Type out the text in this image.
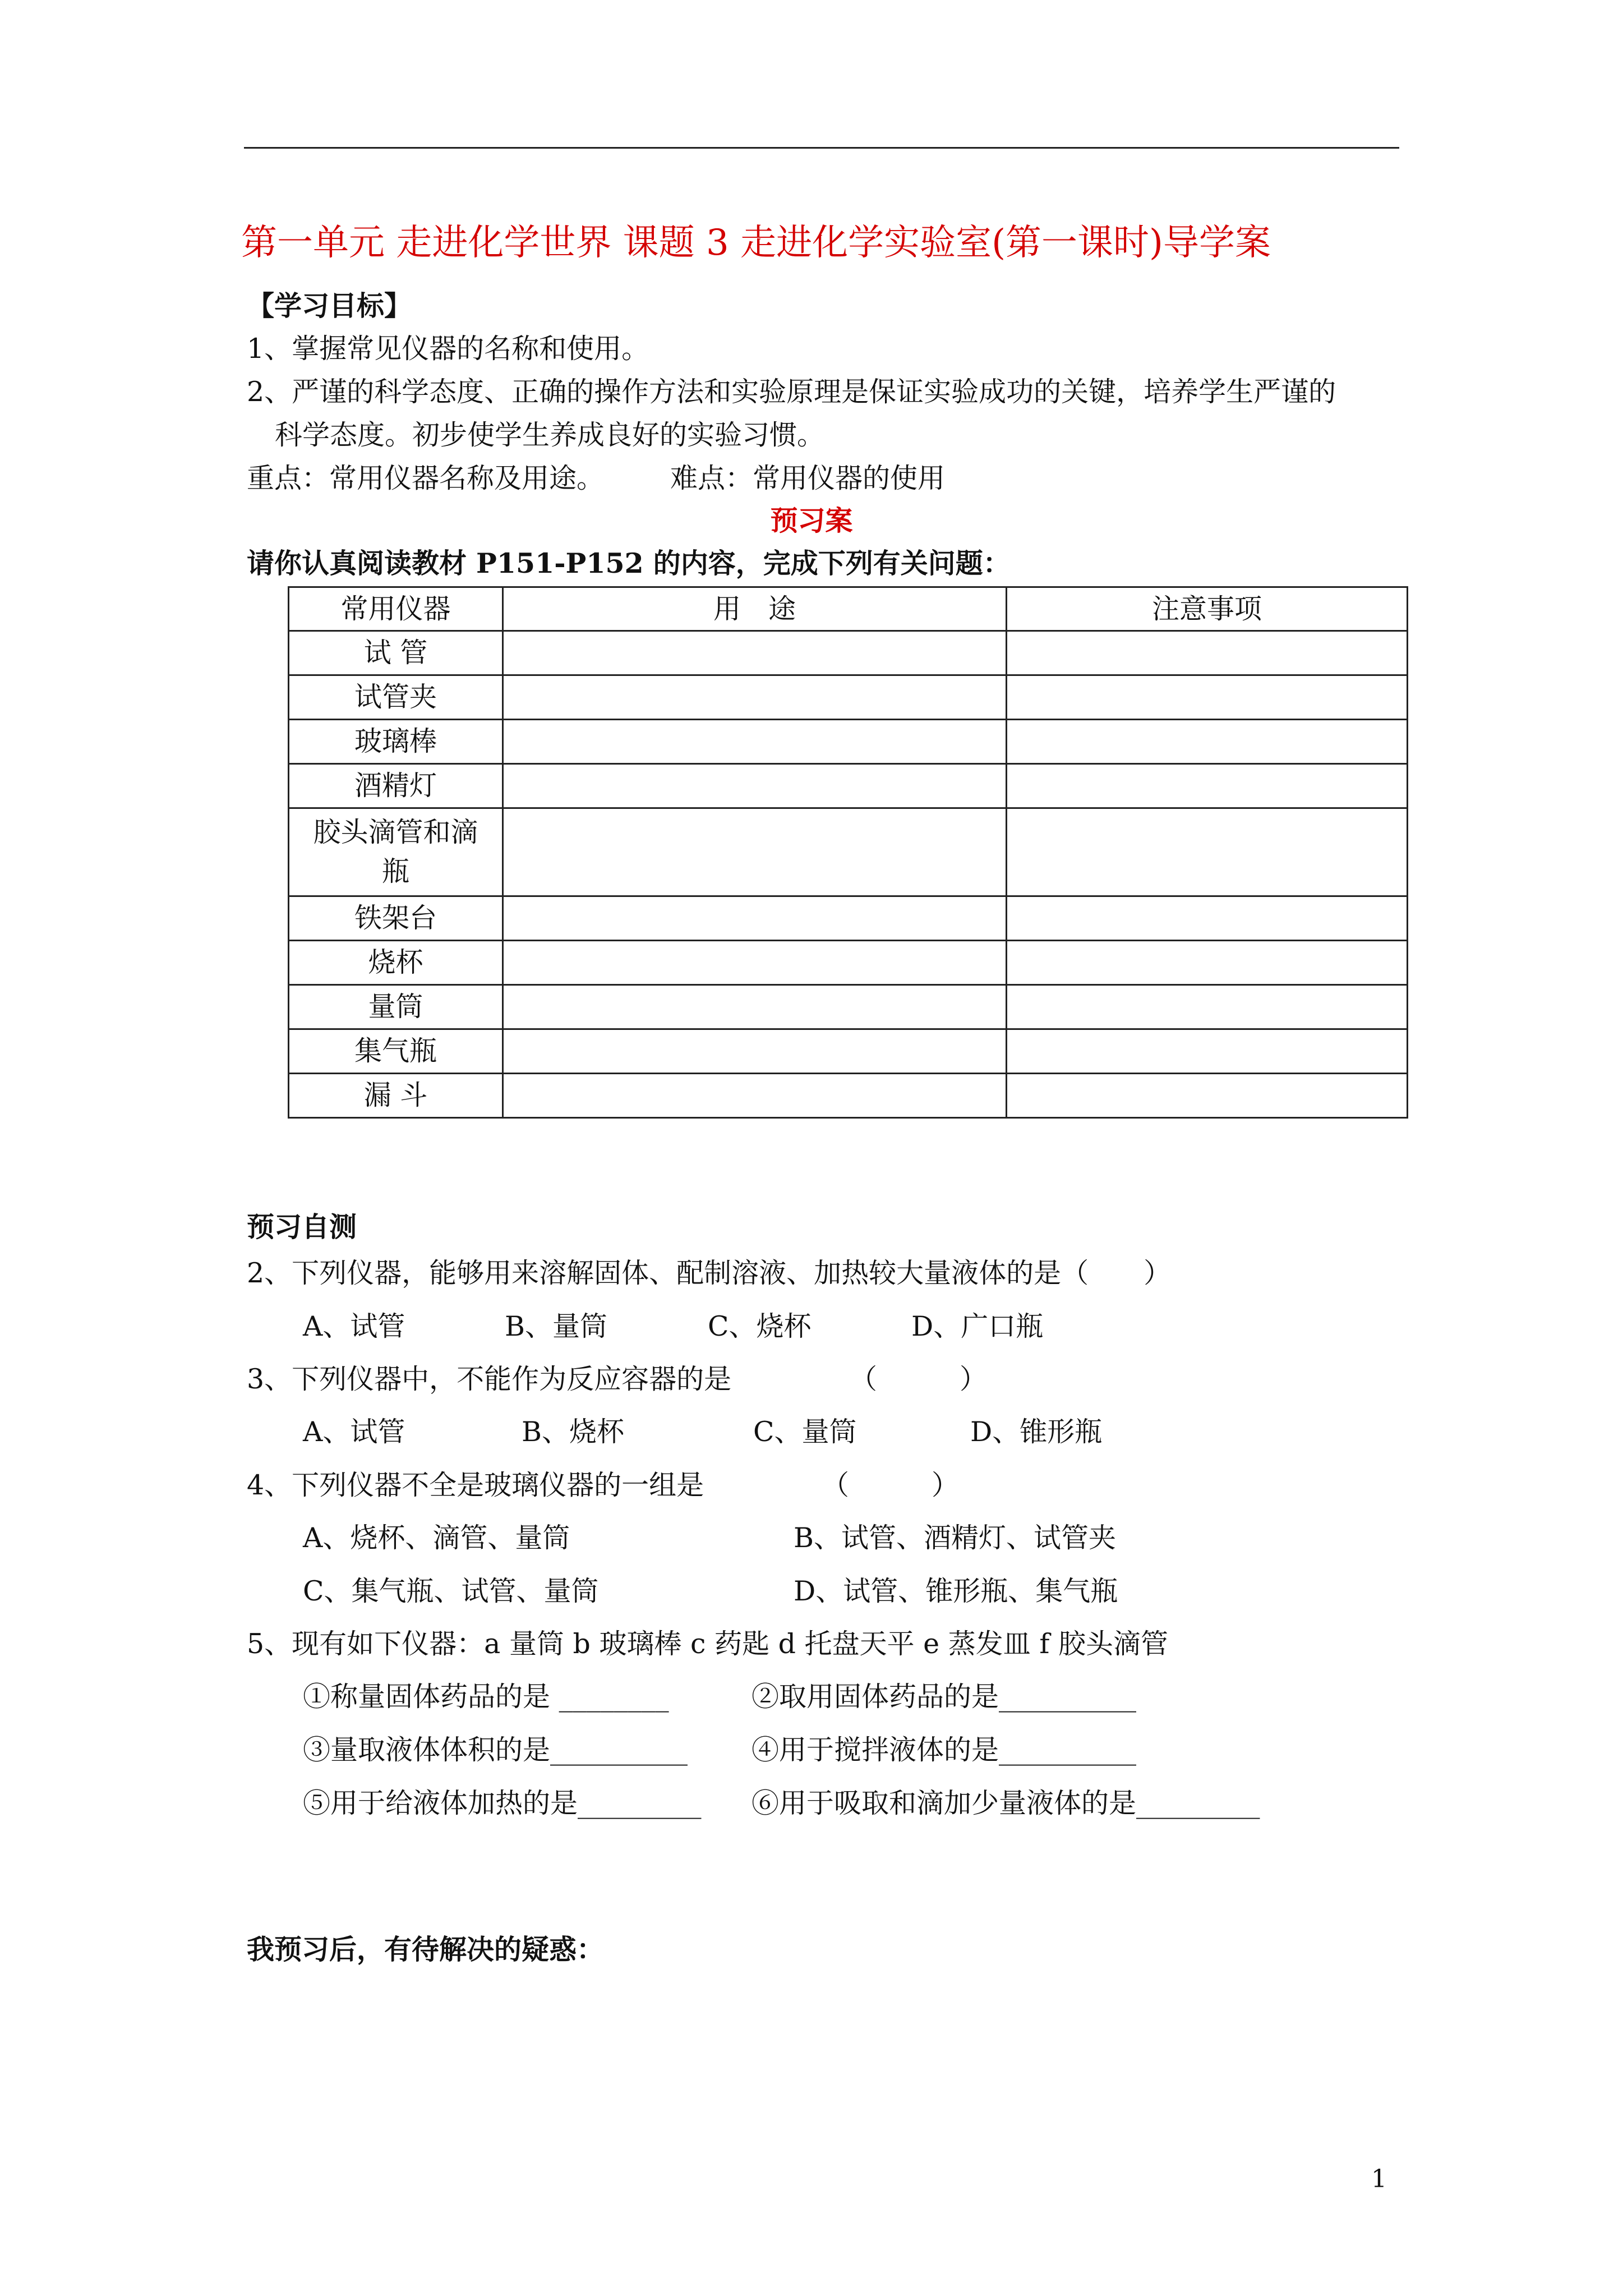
第一单元 走进化学世界 课题 3 走进化学实验室(第一课时)导学案
【学习目标】
1、掌握常见仪器的名称和使用。
2、严谨的科学态度、正确的操作方法和实验原理是保证实验成功的关键，培养学生严谨的
科学态度。初步使学生养成良好的实验习惯。
重点：常用仪器名称及用途。 难点：常用仪器的使用
预习案
请你认真阅读教材 P151-P152 的内容，完成下列有关问题：
常用仪器	用　途	注意事项
试 管		
试管夹		
玻璃棒		
酒精灯		
胶头滴管和滴瓶		
铁架台		
烧杯		
量筒		
集气瓶		
漏 斗		
预习自测
2、下列仪器，能够用来溶解固体、配制溶液、加热较大量液体的是（　　）
A、试管	B、量筒	C、烧杯	D、广口瓶
3、下列仪器中，不能作为反应容器的是	（　　　）
A、试管	B、烧杯	C、量筒	D、锥形瓶
4、下列仪器不全是玻璃仪器的一组是	（　　　）
A、烧杯、滴管、量筒	B、试管、酒精灯、试管夹
C、集气瓶、试管、量筒	D、试管、锥形瓶、集气瓶
5、现有如下仪器：a 量筒 b 玻璃棒 c 药匙 d 托盘天平 e 蒸发皿 f 胶头滴管
①称量固体药品的是 ________	②取用固体药品的是__________
③量取液体体积的是__________ ④用于搅拌液体的是__________
⑤用于给液体加热的是_________ ⑥用于吸取和滴加少量液体的是_________
我预习后，有待解决的疑惑：
1
